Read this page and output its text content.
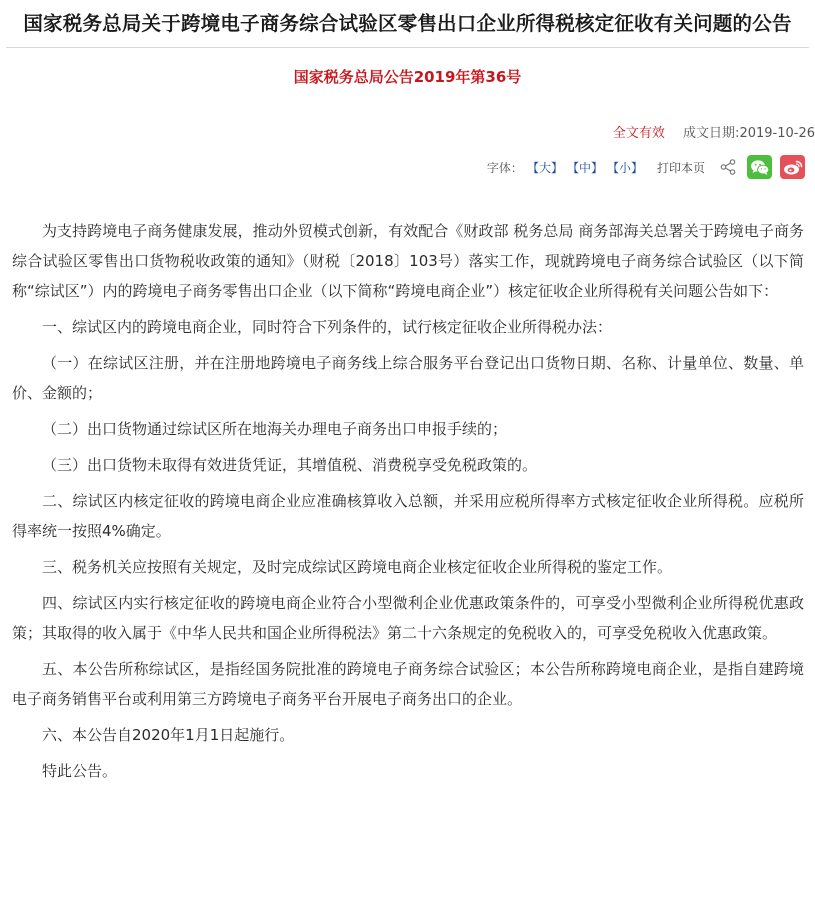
国家税务总局关于跨境电子商务综合试验区零售出口企业所得税核定征收有关问题的公告
国家税务总局公告2019年第36号
全文有效 成文日期:2019-10-26
字体： 【大】 【中】 【小】 打印本页

为支持跨境电子商务健康发展，推动外贸模式创新，有效配合《财政部 税务总局 商务部海关总署关于跨境电子商务综合试验区零售出口货物税收政策的通知》（财税〔2018〕103号）落实工作，现就跨境电子商务综合试验区（以下简称“综试区”）内的跨境电子商务零售出口企业（以下简称“跨境电商企业”）核定征收企业所得税有关问题公告如下：

一、综试区内的跨境电商企业，同时符合下列条件的，试行核定征收企业所得税办法：

（一）在综试区注册，并在注册地跨境电子商务线上综合服务平台登记出口货物日期、名称、计量单位、数量、单价、金额的；

（二）出口货物通过综试区所在地海关办理电子商务出口申报手续的；

（三）出口货物未取得有效进货凭证，其增值税、消费税享受免税政策的。

二、综试区内核定征收的跨境电商企业应准确核算收入总额，并采用应税所得率方式核定征收企业所得税。应税所得率统一按照4%确定。

三、税务机关应按照有关规定，及时完成综试区跨境电商企业核定征收企业所得税的鉴定工作。

四、综试区内实行核定征收的跨境电商企业符合小型微利企业优惠政策条件的，可享受小型微利企业所得税优惠政策；其取得的收入属于《中华人民共和国企业所得税法》第二十六条规定的免税收入的，可享受免税收入优惠政策。

五、本公告所称综试区，是指经国务院批准的跨境电子商务综合试验区；本公告所称跨境电商企业，是指自建跨境电子商务销售平台或利用第三方跨境电子商务平台开展电子商务出口的企业。

六、本公告自2020年1月1日起施行。

特此公告。
